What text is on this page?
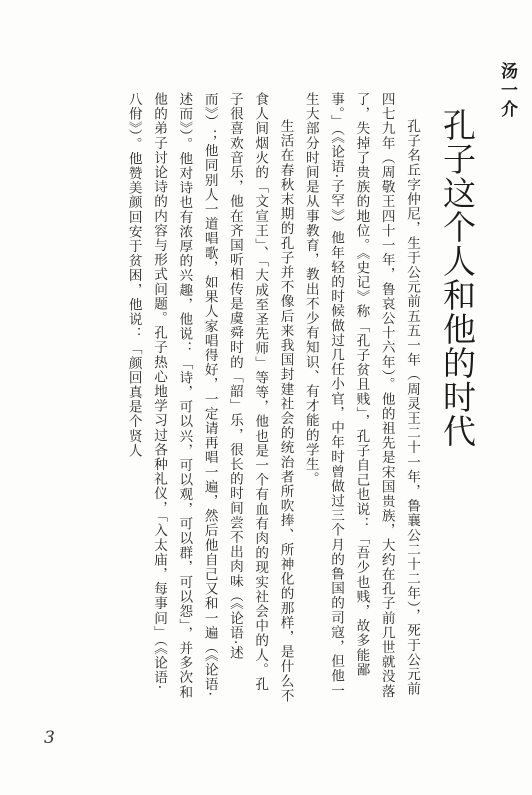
汤一介
孔子这个人和他的时代

孔子名丘字仲尼，生于公元前五五一年（周灵王二十一年，鲁襄公二十二年），死于公元前四七九年（周敬王四十一年，鲁哀公十六年）。他的祖先是宋国贵族，大约在孔子前几世就没落了，失掉了贵族的地位。《史记》称「孔子贫且贱」，孔子自己也说：「吾少也贱，故多能鄙事。」（《论语·子罕》）他年轻的时候做过几任小官，中年时曾做过三个月的鲁国的司寇，但他一生大部分时间是从事教育，教出不少有知识、有才能的学生。

生活在春秋末期的孔子并不像后来我国封建社会的统治者所吹捧、所神化的那样，是什么不食人间烟火的「文宣王」、「大成至圣先师」等等，他也是一个有血有肉的现实社会中的人。孔子很喜欢音乐，他在齐国听相传是虞舜时的「韶」乐，很长的时间尝不出肉味（《论语·述而》）；他同别人一道唱歌，如果人家唱得好，一定请再唱一遍，然后他自己又和一遍（《论语·述而》）。他对诗也有浓厚的兴趣，他说：「诗，可以兴，可以观，可以群，可以怨」，并多次和他的弟子讨论诗的内容与形式问题。孔子热心地学习过各种礼仪，「入太庙，每事问」（《论语·八佾》）。他赞美颜回安于贫困，他说：「颜回真是个贤人

3
